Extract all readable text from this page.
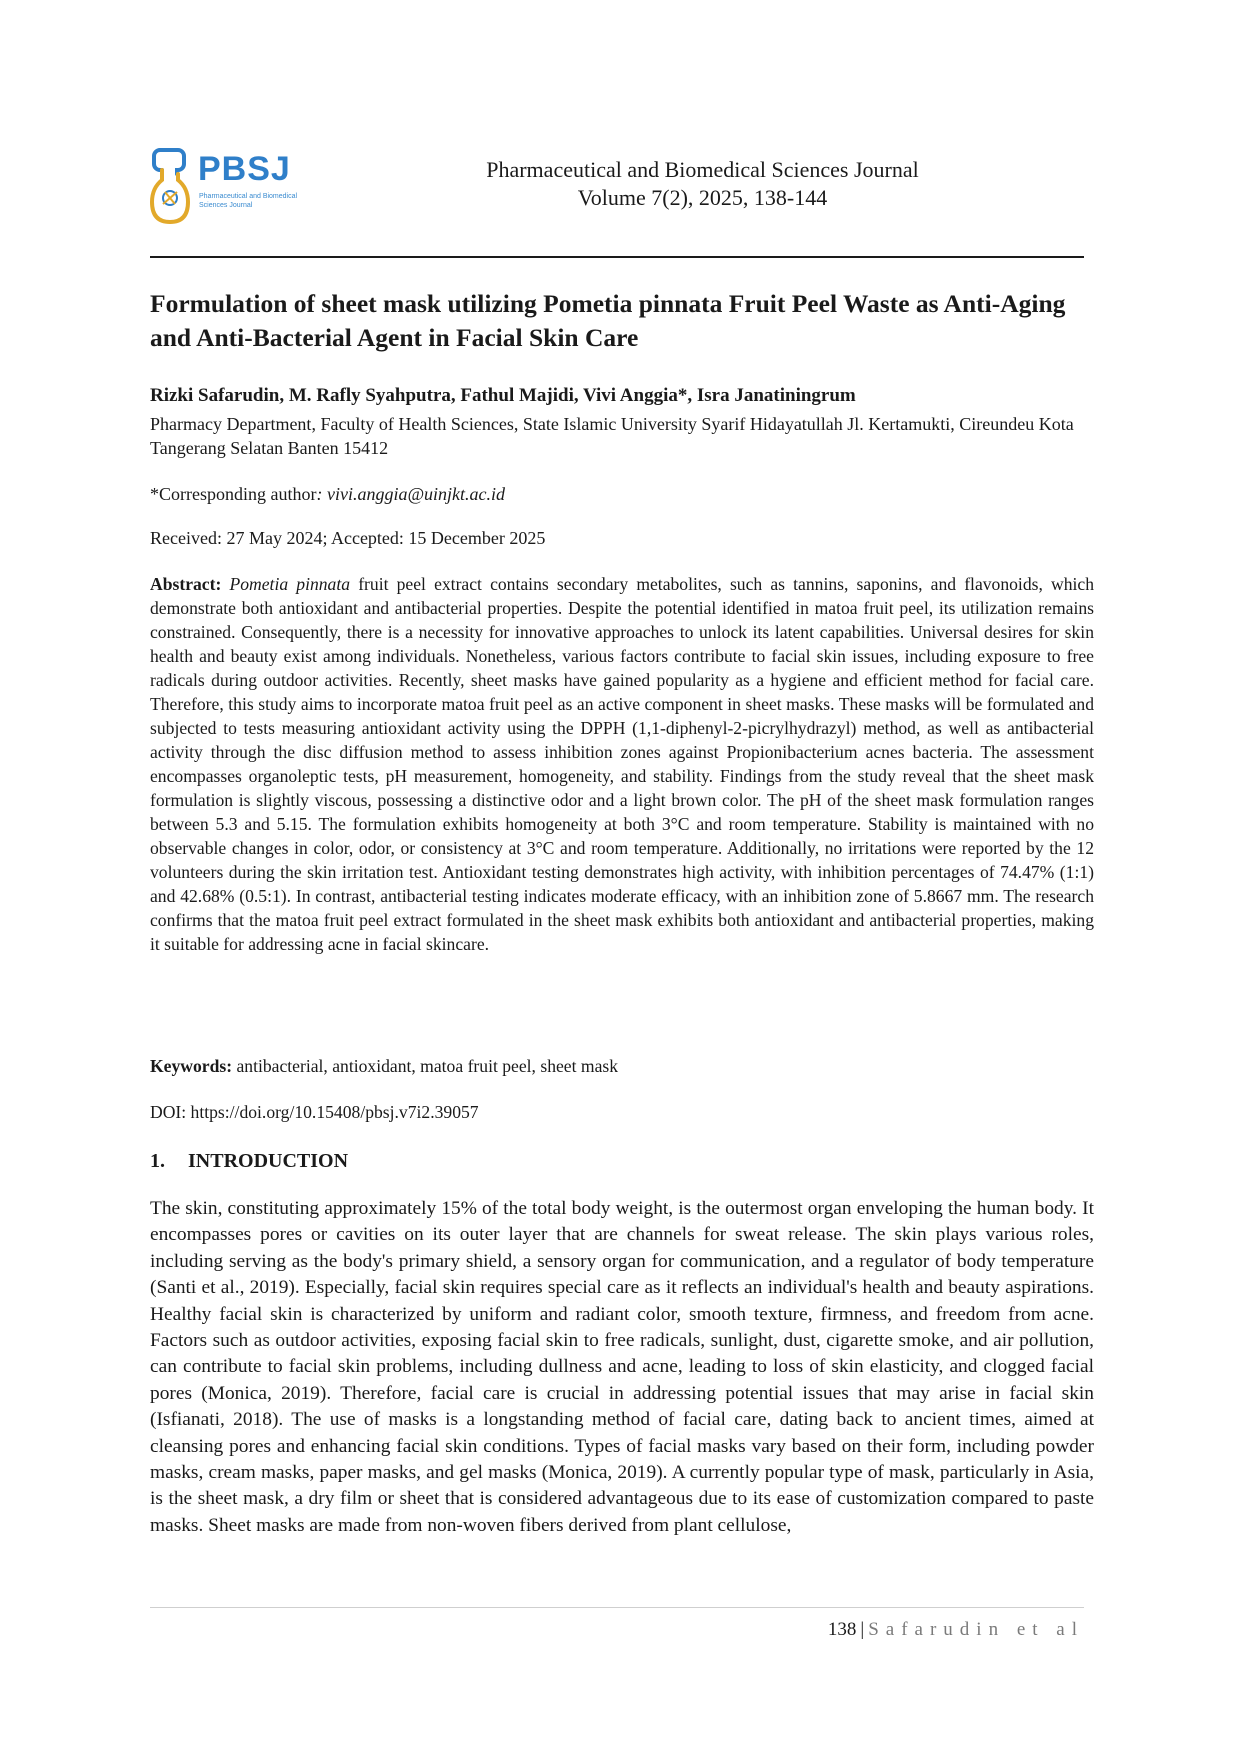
PBSJ
Pharmaceutical and Biomedical Sciences Journal
Pharmaceutical and Biomedical Sciences Journal
Volume 7(2), 2025, 138-144
Formulation of sheet mask utilizing Pometia pinnata Fruit Peel Waste as Anti-Aging and Anti-Bacterial Agent in Facial Skin Care
Rizki Safarudin, M. Rafly Syahputra, Fathul Majidi, Vivi Anggia*, Isra Janatiningrum
Pharmacy Department, Faculty of Health Sciences, State Islamic University Syarif Hidayatullah Jl. Kertamukti, Cireundeu Kota Tangerang Selatan Banten 15412
*Corresponding author: vivi.anggia@uinjkt.ac.id
Received: 27 May 2024; Accepted: 15 December 2025

Abstract: Pometia pinnata fruit peel extract contains secondary metabolites, such as tannins, saponins, and flavonoids, which demonstrate both antioxidant and antibacterial properties. Despite the potential identified in matoa fruit peel, its utilization remains constrained. Consequently, there is a necessity for innovative approaches to unlock its latent capabilities. Universal desires for skin health and beauty exist among individuals. Nonetheless, various factors contribute to facial skin issues, including exposure to free radicals during outdoor activities. Recently, sheet masks have gained popularity as a hygiene and efficient method for facial care. Therefore, this study aims to incorporate matoa fruit peel as an active component in sheet masks. These masks will be formulated and subjected to tests measuring antioxidant activity using the DPPH (1,1-diphenyl-2-picrylhydrazyl) method, as well as antibacterial activity through the disc diffusion method to assess inhibition zones against Propionibacterium acnes bacteria. The assessment encompasses organoleptic tests, pH measurement, homogeneity, and stability. Findings from the study reveal that the sheet mask formulation is slightly viscous, possessing a distinctive odor and a light brown color. The pH of the sheet mask formulation ranges between 5.3 and 5.15. The formulation exhibits homogeneity at both 3°C and room temperature. Stability is maintained with no observable changes in color, odor, or consistency at 3°C and room temperature. Additionally, no irritations were reported by the 12 volunteers during the skin irritation test. Antioxidant testing demonstrates high activity, with inhibition percentages of 74.47% (1:1) and 42.68% (0.5:1). In contrast, antibacterial testing indicates moderate efficacy, with an inhibition zone of 5.8667 mm. The research confirms that the matoa fruit peel extract formulated in the sheet mask exhibits both antioxidant and antibacterial properties, making it suitable for addressing acne in facial skincare.

Keywords: antibacterial, antioxidant, matoa fruit peel, sheet mask
DOI: https://doi.org/10.15408/pbsj.v7i2.39057
1. INTRODUCTION

The skin, constituting approximately 15% of the total body weight, is the outermost organ enveloping the human body. It encompasses pores or cavities on its outer layer that are channels for sweat release. The skin plays various roles, including serving as the body's primary shield, a sensory organ for communication, and a regulator of body temperature (Santi et al., 2019). Especially, facial skin requires special care as it reflects an individual's health and beauty aspirations. Healthy facial skin is characterized by uniform and radiant color, smooth texture, firmness, and freedom from acne. Factors such as outdoor activities, exposing facial skin to free radicals, sunlight, dust, cigarette smoke, and air pollution, can contribute to facial skin problems, including dullness and acne, leading to loss of skin elasticity, and clogged facial pores (Monica, 2019). Therefore, facial care is crucial in addressing potential issues that may arise in facial skin (Isfianati, 2018). The use of masks is a longstanding method of facial care, dating back to ancient times, aimed at cleansing pores and enhancing facial skin conditions. Types of facial masks vary based on their form, including powder masks, cream masks, paper masks, and gel masks (Monica, 2019). A currently popular type of mask, particularly in Asia, is the sheet mask, a dry film or sheet that is considered advantageous due to its ease of customization compared to paste masks. Sheet masks are made from non-woven fibers derived from plant cellulose,

138 | Safarudin et al
